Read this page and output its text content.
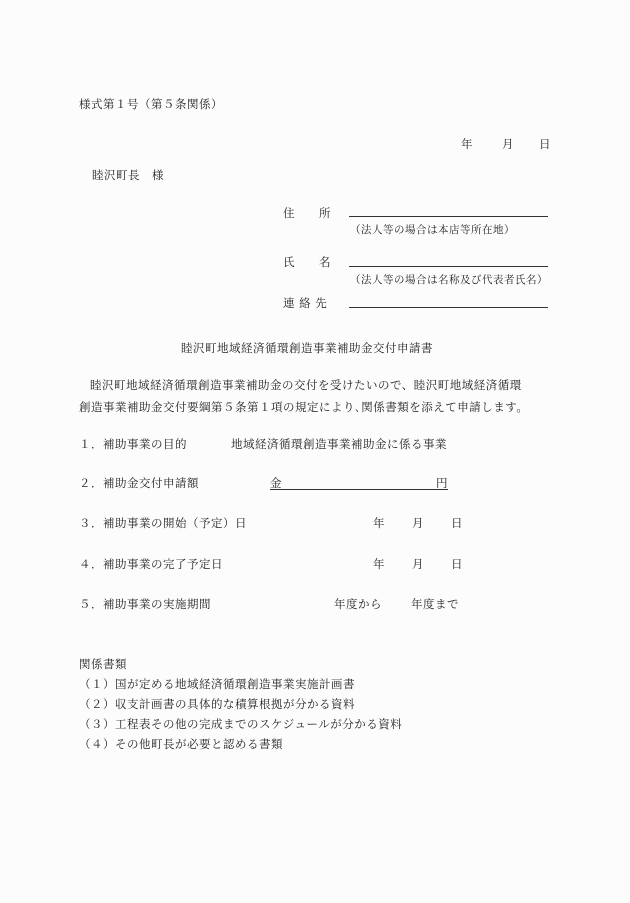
様式第１号（第５条関係）
年	月 日
睦沢町長　様
住　　所
（法人等の場合は本店等所在地）
氏　　名
（法人等の場合は名称及び代表者氏名）
連 絡 先
睦沢町地域経済循環創造事業補助金交付申請書
睦沢町地域経済循環創造事業補助金の交付を受けたいので、睦沢町地域経済循環
創造事業補助金交付要綱第５条第１項の規定により､関係書類を添えて申請します。
１．補助事業の目的	地域経済循環創造事業補助金に係る事業
２．補助金交付申請額	金	円
３．補助事業の開始（予定）日	年 月 日
４．補助事業の完了予定日	年 月 日
５．補助事業の実施期間	年度から	年度まで
関係書類
（１）国が定める地域経済循環創造事業実施計画書
（２）収支計画書の具体的な積算根拠が分かる資料
（３）工程表その他の完成までのスケジュールが分かる資料
（４）その他町長が必要と認める書類
